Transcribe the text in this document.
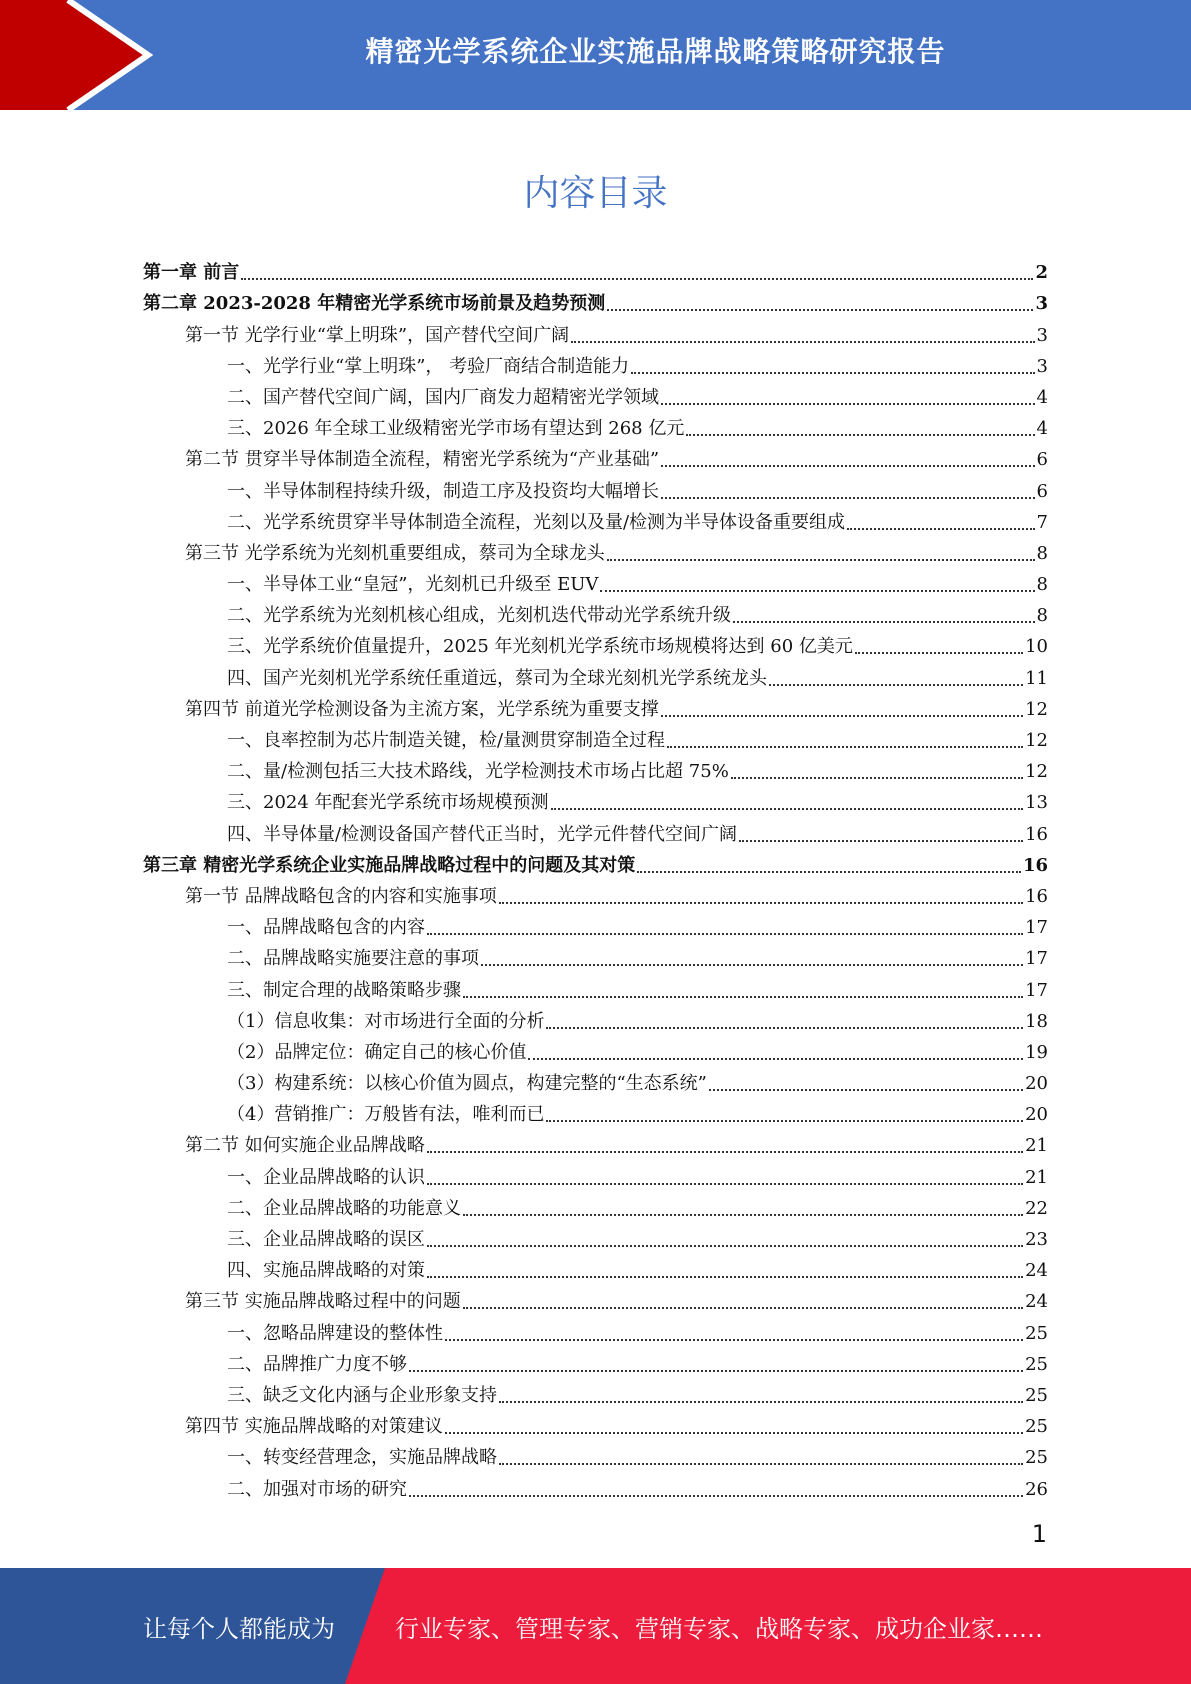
精密光学系统企业实施品牌战略策略研究报告
内容目录
第一章 前言	2
第二章 2023-2028 年精密光学系统市场前景及趋势预测	3
第一节 光学行业“掌上明珠”，国产替代空间广阔	3
一、光学行业“掌上明珠”， 考验厂商结合制造能力	3
二、国产替代空间广阔，国内厂商发力超精密光学领域	4
三、2026 年全球工业级精密光学市场有望达到 268 亿元	4
第二节 贯穿半导体制造全流程，精密光学系统为“产业基础”	6
一、半导体制程持续升级，制造工序及投资均大幅增长	6
二、光学系统贯穿半导体制造全流程，光刻以及量/检测为半导体设备重要组成	7
第三节 光学系统为光刻机重要组成，蔡司为全球龙头	8
一、半导体工业“皇冠”，光刻机已升级至 EUV	8
二、光学系统为光刻机核心组成，光刻机迭代带动光学系统升级	8
三、光学系统价值量提升，2025 年光刻机光学系统市场规模将达到 60 亿美元	10
四、国产光刻机光学系统任重道远，蔡司为全球光刻机光学系统龙头	11
第四节 前道光学检测设备为主流方案，光学系统为重要支撑	12
一、良率控制为芯片制造关键，检/量测贯穿制造全过程	12
二、量/检测包括三大技术路线，光学检测技术市场占比超 75%	12
三、2024 年配套光学系统市场规模预测	13
四、半导体量/检测设备国产替代正当时，光学元件替代空间广阔	16
第三章 精密光学系统企业实施品牌战略过程中的问题及其对策	16
第一节 品牌战略包含的内容和实施事项	16
一、品牌战略包含的内容	17
二、品牌战略实施要注意的事项	17
三、制定合理的战略策略步骤	17
（1）信息收集：对市场进行全面的分析	18
（2）品牌定位：确定自己的核心价值	19
（3）构建系统：以核心价值为圆点，构建完整的“生态系统”	20
（4）营销推广：万般皆有法，唯利而已	20
第二节 如何实施企业品牌战略	21
一、企业品牌战略的认识	21
二、企业品牌战略的功能意义	22
三、企业品牌战略的误区	23
四、实施品牌战略的对策	24
第三节 实施品牌战略过程中的问题	24
一、忽略品牌建设的整体性	25
二、品牌推广力度不够	25
三、缺乏文化内涵与企业形象支持	25
第四节 实施品牌战略的对策建议	25
一、转变经营理念，实施品牌战略	25
二、加强对市场的研究	26
1
让每个人都能成为	行业专家、管理专家、营销专家、战略专家、成功企业家……
